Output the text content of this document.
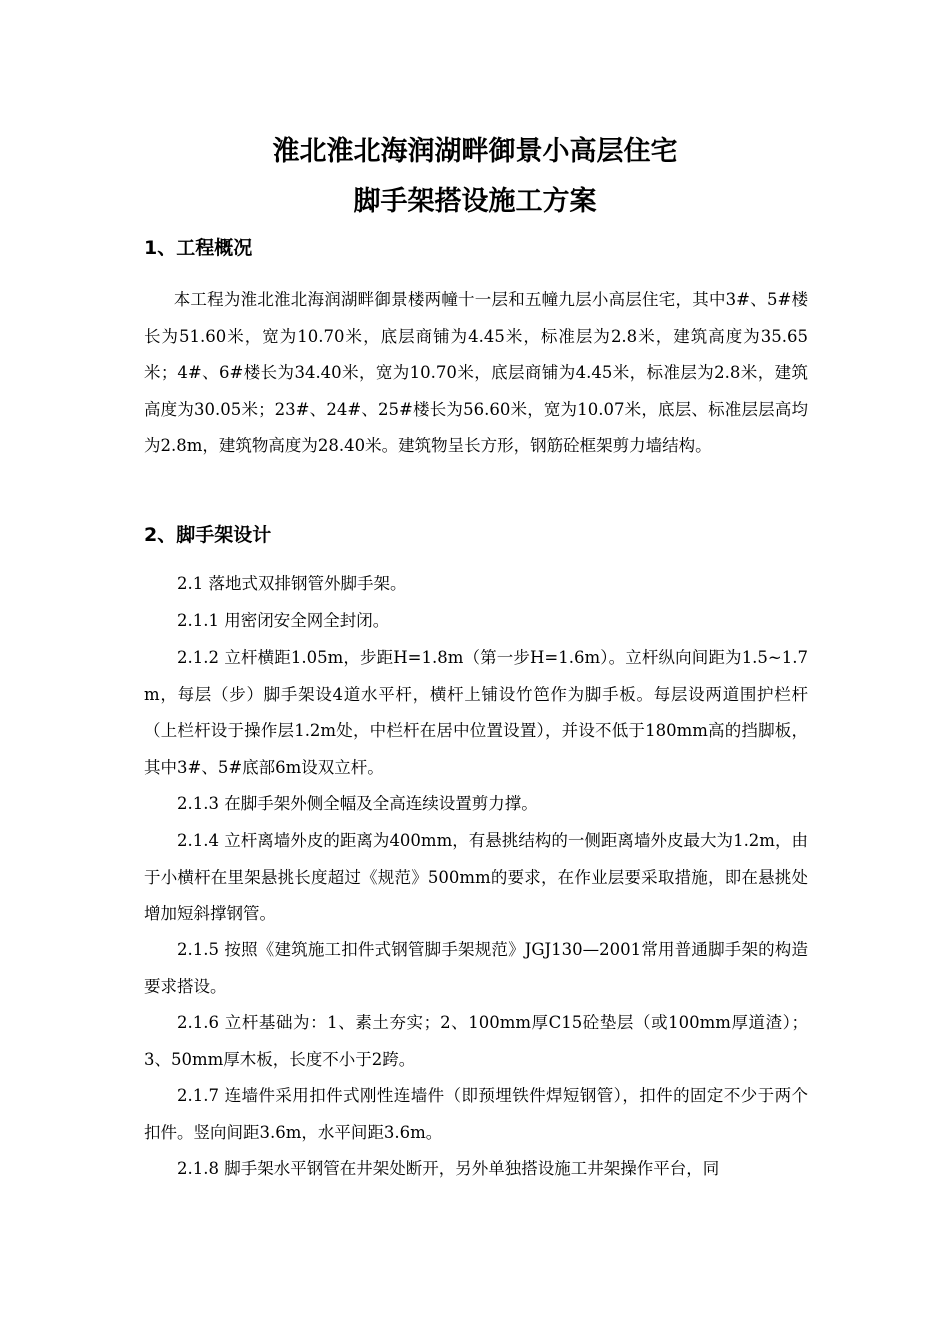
淮北淮北海润湖畔御景小高层住宅
脚手架搭设施工方案
1、工程概况

本工程为淮北淮北海润湖畔御景楼两幢十一层和五幢九层小高层住宅，其中3#、5#楼长为51.60米，宽为10.70米，底层商铺为4.45米，标准层为2.8米，建筑高度为35.65米；4#、6#楼长为34.40米，宽为10.70米，底层商铺为4.45米，标准层为2.8米，建筑高度为30.05米；23#、24#、25#楼长为56.60米，宽为10.07米，底层、标准层层高均为2.8m，建筑物高度为28.40米。建筑物呈长方形，钢筋砼框架剪力墙结构。

2、脚手架设计

2.1 落地式双排钢管外脚手架。

2.1.1 用密闭安全网全封闭。

2.1.2 立杆横距1.05m，步距H=1.8m（第一步H=1.6m）。立杆纵向间距为1.5~1.7m，每层（步）脚手架设4道水平杆，横杆上铺设竹笆作为脚手板。每层设两道围护栏杆（上栏杆设于操作层1.2m处，中栏杆在居中位置设置），并设不低于180mm高的挡脚板，其中3#、5#底部6m设双立杆。

2.1.3 在脚手架外侧全幅及全高连续设置剪力撑。

2.1.4 立杆离墙外皮的距离为400mm，有悬挑结构的一侧距离墙外皮最大为1.2m，由于小横杆在里架悬挑长度超过《规范》500mm的要求，在作业层要采取措施，即在悬挑处增加短斜撑钢管。

2.1.5 按照《建筑施工扣件式钢管脚手架规范》JGJ130—2001常用普通脚手架的构造要求搭设。

2.1.6 立杆基础为：1、素土夯实；2、100mm厚C15砼垫层（或100mm厚道渣）；3、50mm厚木板，长度不小于2跨。

2.1.7 连墙件采用扣件式刚性连墙件（即预埋铁件焊短钢管），扣件的固定不少于两个扣件。竖向间距3.6m，水平间距3.6m。

2.1.8 脚手架水平钢管在井架处断开，另外单独搭设施工井架操作平台，同
